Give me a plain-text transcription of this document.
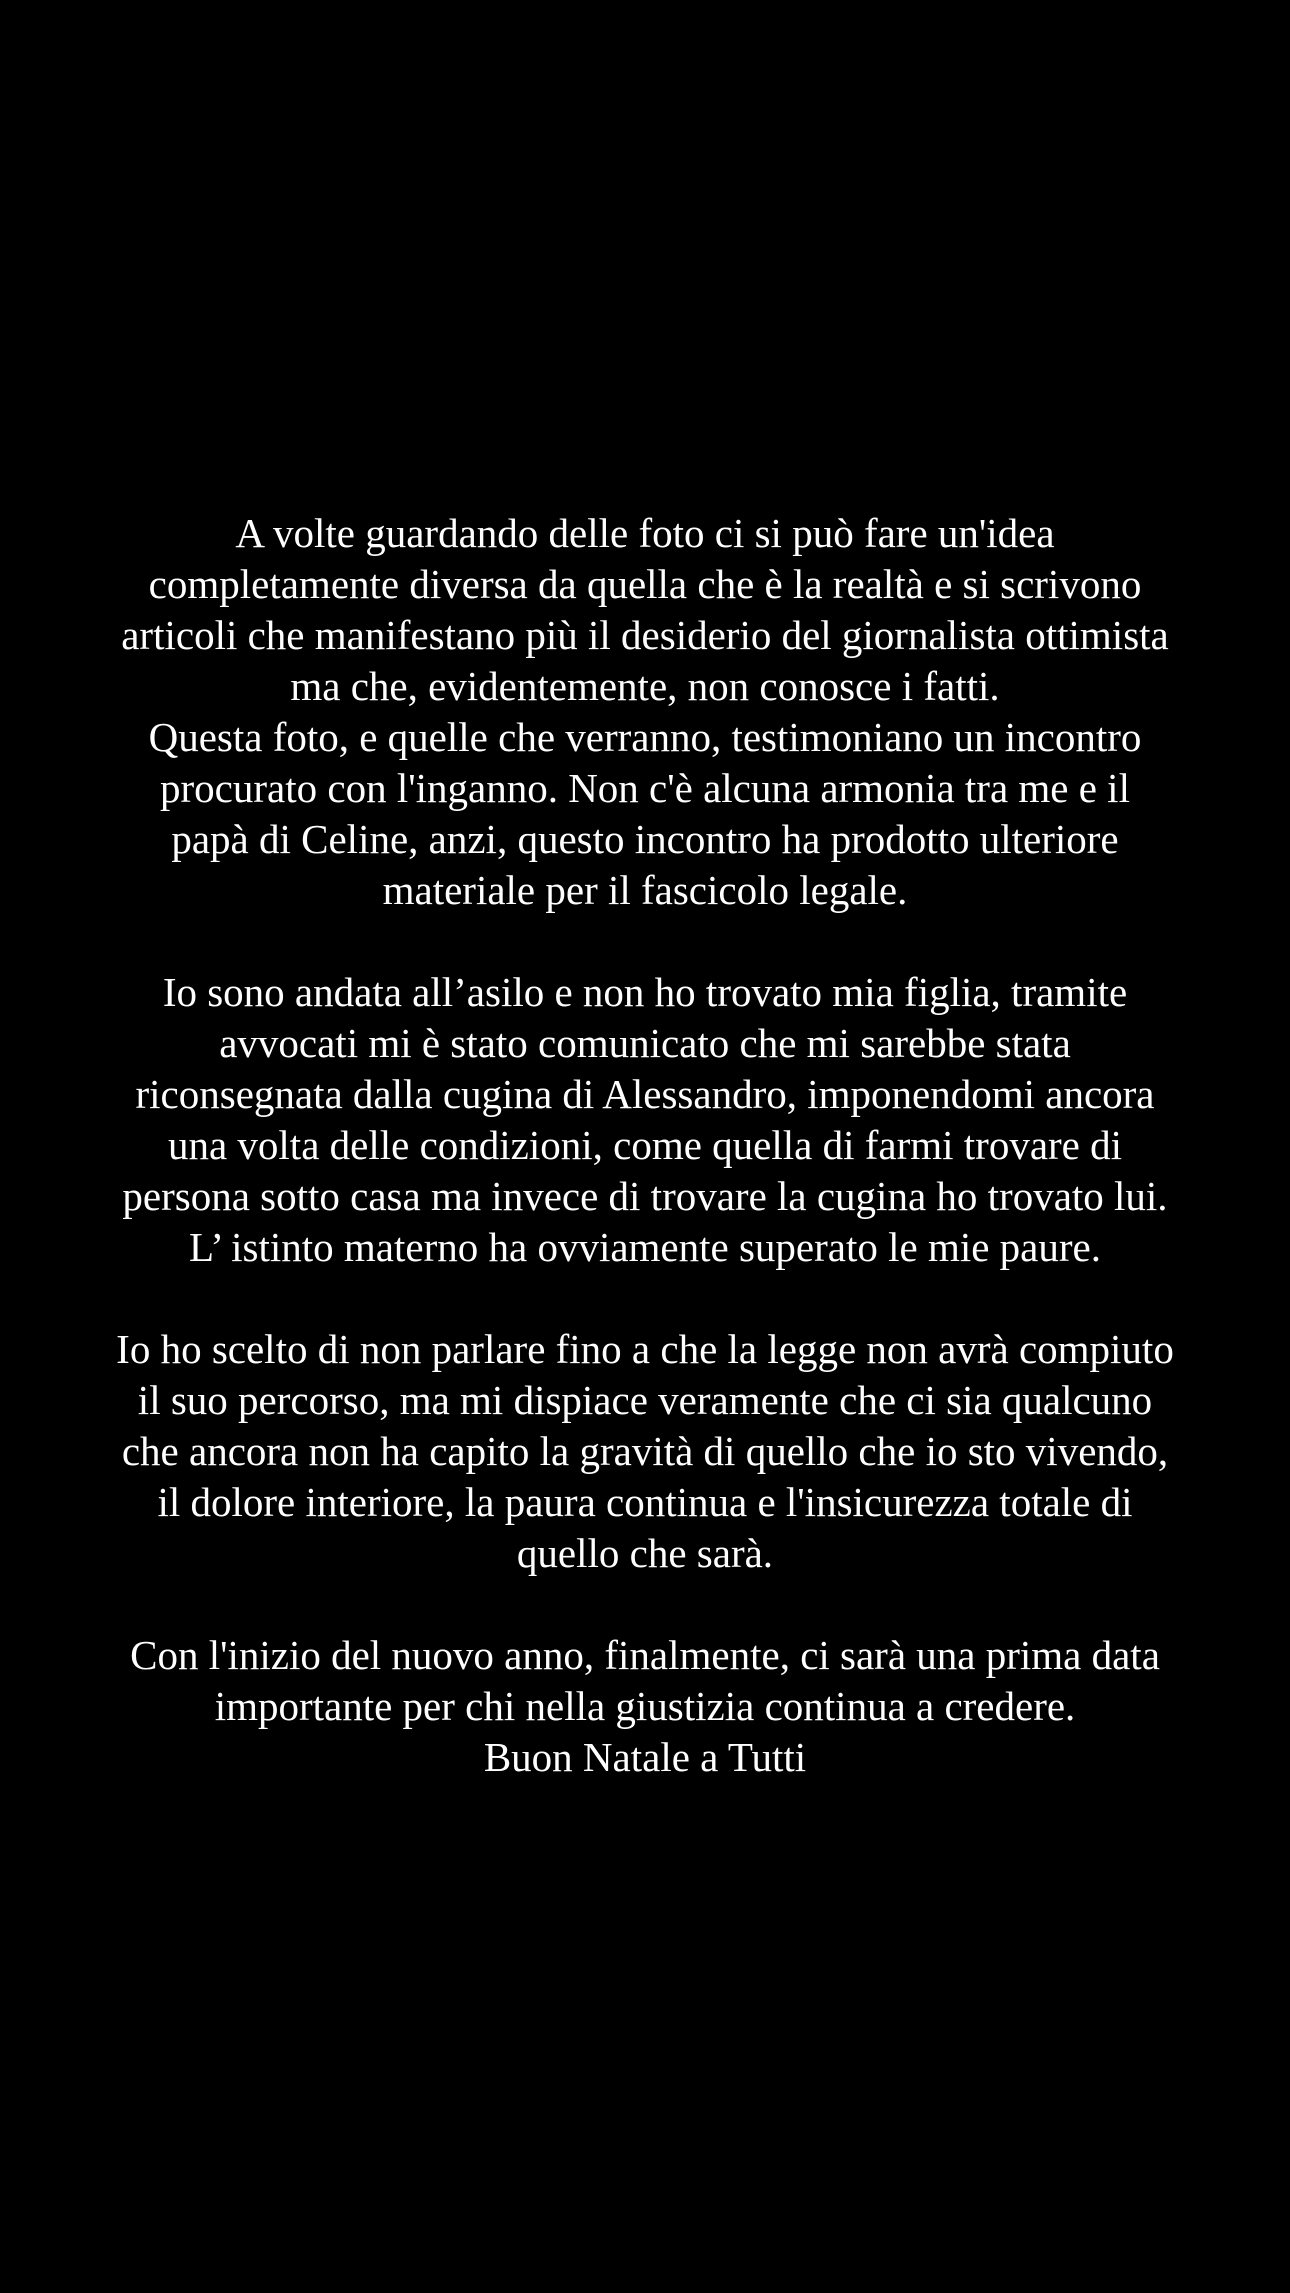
A volte guardando delle foto ci si può fare un'idea
completamente diversa da quella che è la realtà e si scrivono
articoli che manifestano più il desiderio del giornalista ottimista
ma che, evidentemente, non conosce i fatti.
Questa foto, e quelle che verranno, testimoniano un incontro
procurato con l'inganno. Non c'è alcuna armonia tra me e il
papà di Celine, anzi, questo incontro ha prodotto ulteriore
materiale per il fascicolo legale.
Io sono andata all’asilo e non ho trovato mia figlia, tramite
avvocati mi è stato comunicato che mi sarebbe stata
riconsegnata dalla cugina di Alessandro, imponendomi ancora
una volta delle condizioni, come quella di farmi trovare di
persona sotto casa ma invece di trovare la cugina ho trovato lui.
L’ istinto materno ha ovviamente superato le mie paure.
Io ho scelto di non parlare fino a che la legge non avrà compiuto
il suo percorso, ma mi dispiace veramente che ci sia qualcuno
che ancora non ha capito la gravità di quello che io sto vivendo,
il dolore interiore, la paura continua e l'insicurezza totale di
quello che sarà.
Con l'inizio del nuovo anno, finalmente, ci sarà una prima data
importante per chi nella giustizia continua a credere.
Buon Natale a Tutti
